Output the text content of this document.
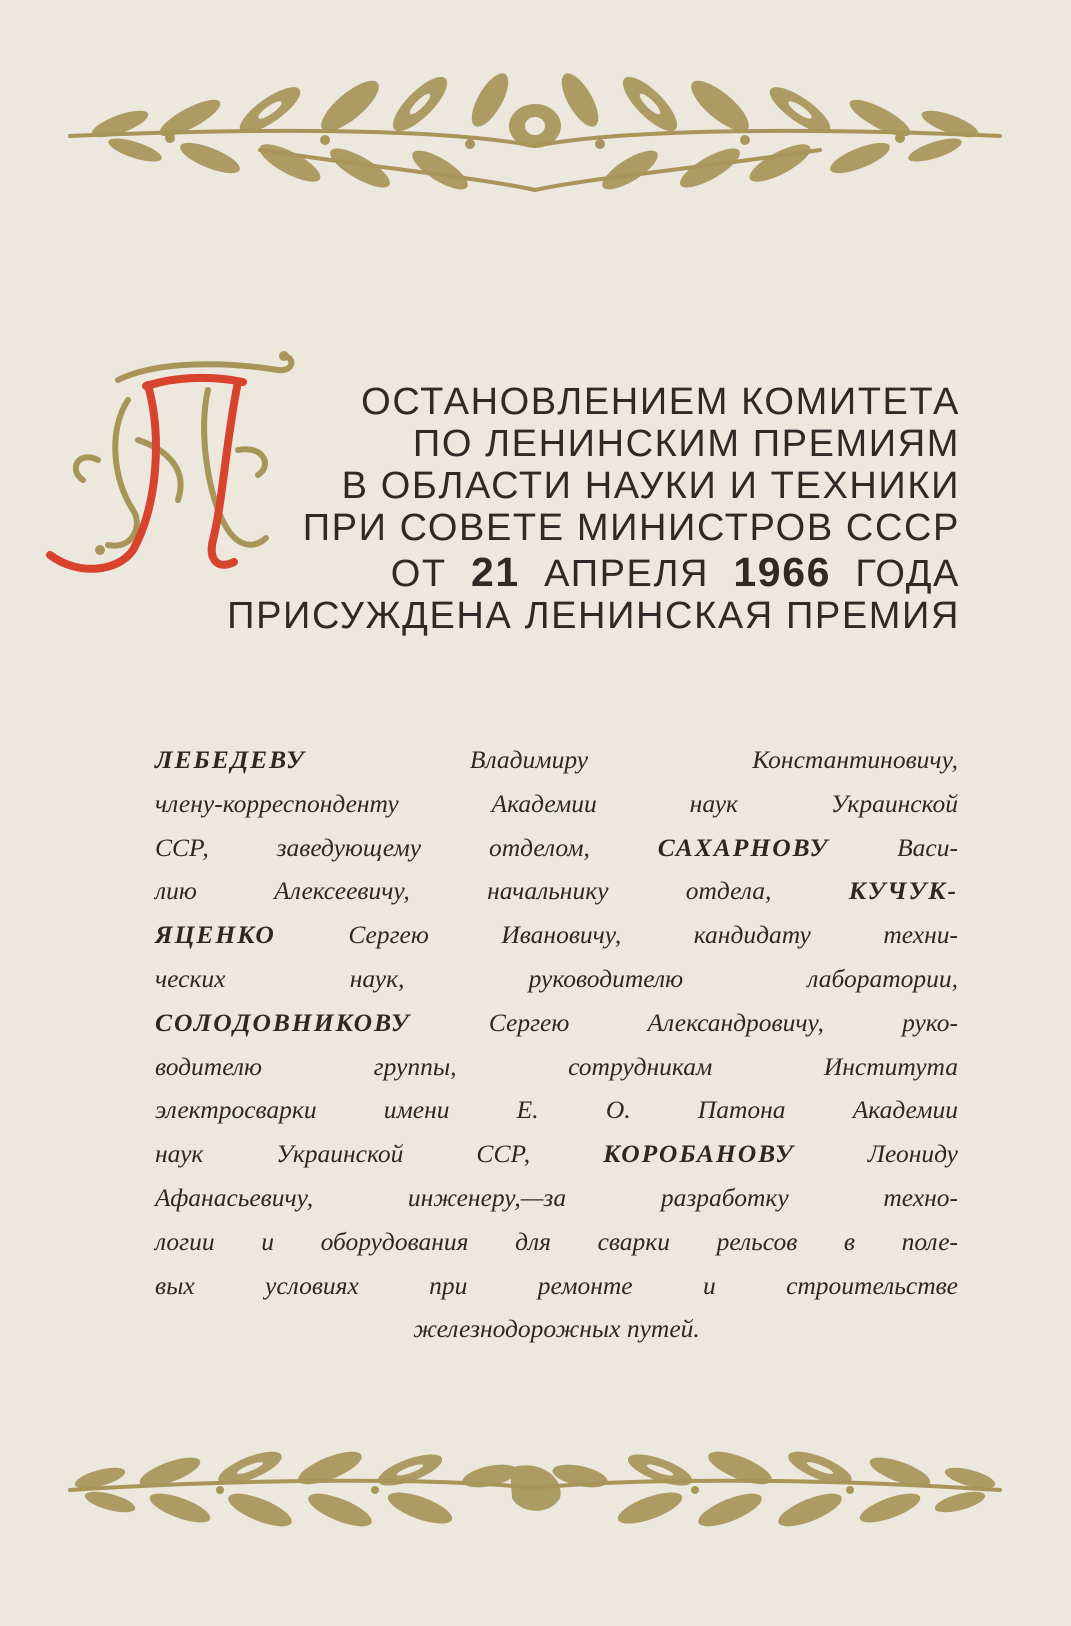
ОСТАНОВЛЕНИЕМ КОМИТЕТА
ПО ЛЕНИНСКИМ ПРЕМИЯМ
В ОБЛАСТИ НАУКИ И ТЕХНИКИ
ПРИ СОВЕТЕ МИНИСТРОВ СССР
ОТ 21 АПРЕЛЯ 1966 ГОДА
ПРИСУЖДЕНА ЛЕНИНСКАЯ ПРЕМИЯ
ЛЕБЕДЕВУ	Владимиру Константиновичу,
члену-корреспонденту Академии наук Украинской
ССР, заведующему отделом,	САХАРНОВУ	Васи-
лию Алексеевичу, начальнику отдела,	КУЧУК-
ЯЦЕНКО	Сергею Ивановичу, кандидату техни-
ческих наук, руководителю лаборатории,
СОЛОДОВНИКОВУ	Сергею Александровичу, руко-
водителю группы, сотрудникам Института
электросварки имени Е. О. Патона Академии
наук Украинской ССР,	КОРОБАНОВУ	Леониду
Афанасьевичу, инженеру,—за разработку техно-
логии и оборудования для сварки рельсов в поле-
вых условиях при ремонте и строительстве
железнодорожных путей.
